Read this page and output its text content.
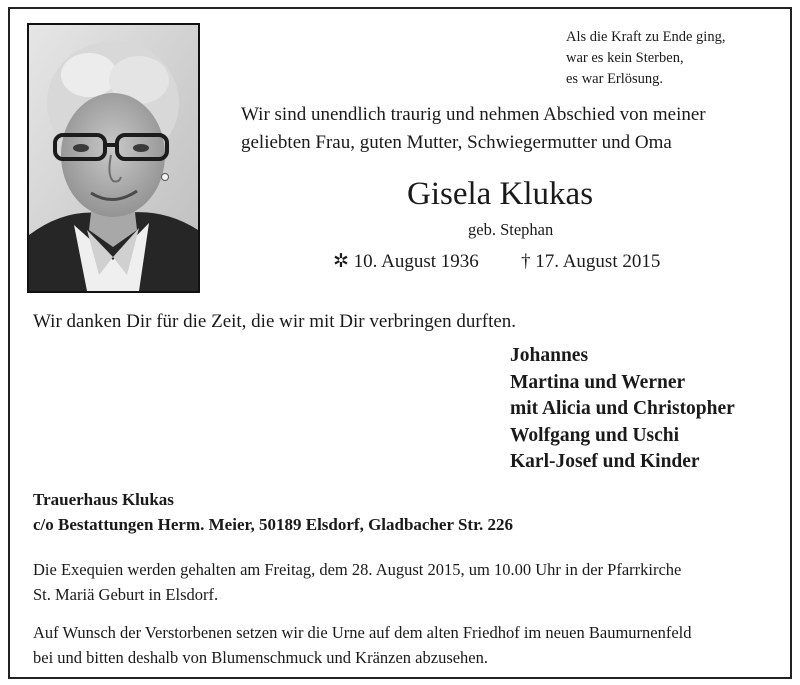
Als die Kraft zu Ende ging,
war es kein Sterben,
es war Erlösung.
Wir sind unendlich traurig und nehmen Abschied von meiner
geliebten Frau, guten Mutter, Schwiegermutter und Oma
Gisela Klukas
geb. Stephan
✲ 10. August 1936 † 17. August 2015
Wir danken Dir für die Zeit, die wir mit Dir verbringen durften.
Johannes
Martina und Werner
mit Alicia und Christopher
Wolfgang und Uschi
Karl-Josef und Kinder
Trauerhaus Klukas
c/o Bestattungen Herm. Meier, 50189 Elsdorf, Gladbacher Str. 226
Die Exequien werden gehalten am Freitag, dem 28. August 2015, um 10.00 Uhr in der Pfarrkirche
St. Mariä Geburt in Elsdorf.
Auf Wunsch der Verstorbenen setzen wir die Urne auf dem alten Friedhof im neuen Baumurnenfeld
bei und bitten deshalb von Blumenschmuck und Kränzen abzusehen.
